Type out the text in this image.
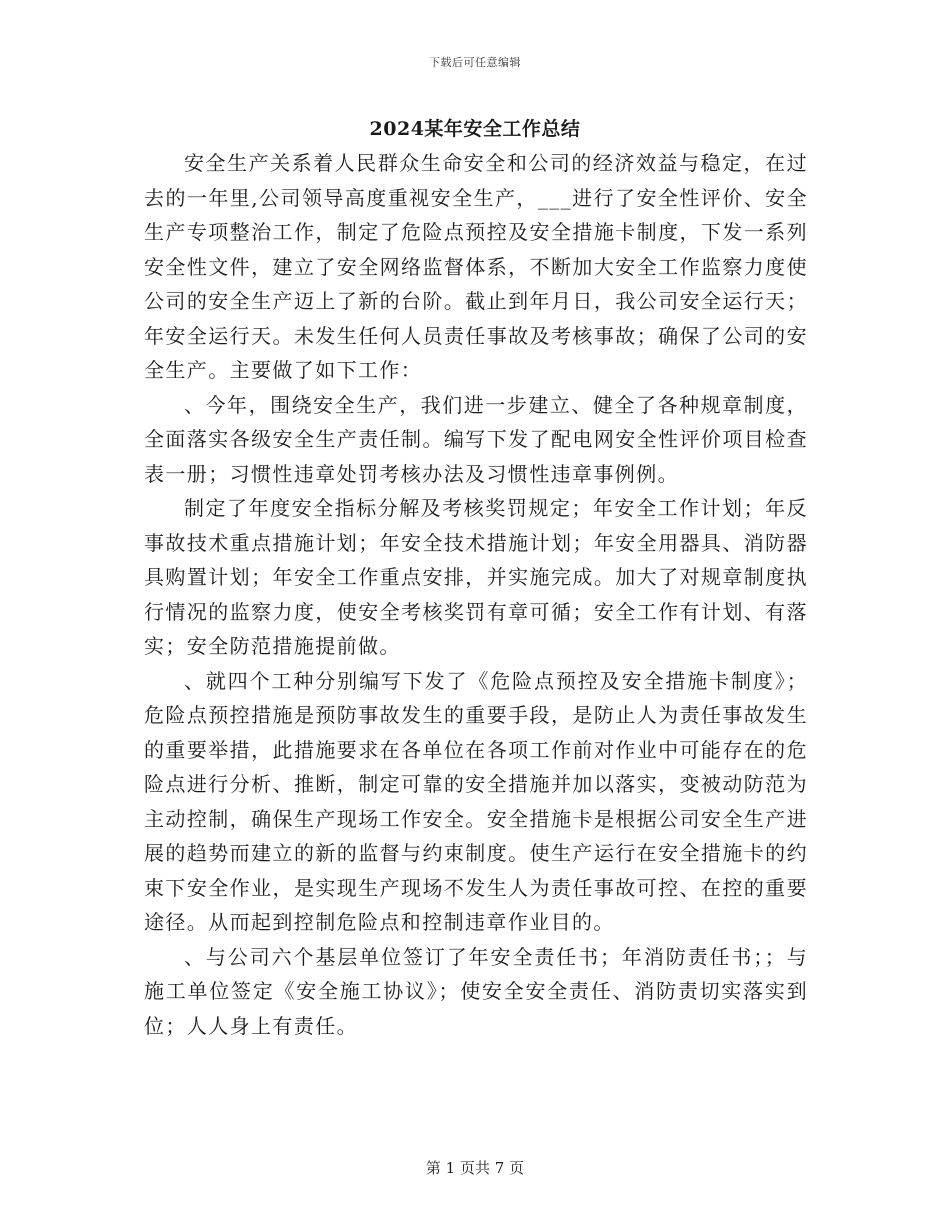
下载后可任意编辑
2024某年安全工作总结

安全生产关系着人民群众生命安全和公司的经济效益与稳定，在过去的一年里,公司领导高度重视安全生产，___进行了安全性评价、安全生产专项整治工作，制定了危险点预控及安全措施卡制度，下发一系列安全性文件，建立了安全网络监督体系，不断加大安全工作监察力度使公司的安全生产迈上了新的台阶。截止到年月日，我公司安全运行天；年安全运行天。未发生任何人员责任事故及考核事故；确保了公司的安全生产。主要做了如下工作：

、今年，围绕安全生产，我们进一步建立、健全了各种规章制度，全面落实各级安全生产责任制。编写下发了配电网安全性评价项目检查表一册；习惯性违章处罚考核办法及习惯性违章事例例。

制定了年度安全指标分解及考核奖罚规定；年安全工作计划；年反事故技术重点措施计划；年安全技术措施计划；年安全用器具、消防器具购置计划；年安全工作重点安排，并实施完成。加大了对规章制度执行情况的监察力度，使安全考核奖罚有章可循；安全工作有计划、有落实；安全防范措施提前做。

、就四个工种分别编写下发了《危险点预控及安全措施卡制度》；危险点预控措施是预防事故发生的重要手段，是防止人为责任事故发生的重要举措，此措施要求在各单位在各项工作前对作业中可能存在的危险点进行分析、推断，制定可靠的安全措施并加以落实，变被动防范为主动控制，确保生产现场工作安全。安全措施卡是根据公司安全生产进展的趋势而建立的新的监督与约束制度。使生产运行在安全措施卡的约束下安全作业，是实现生产现场不发生人为责任事故可控、在控的重要途径。从而起到控制危险点和控制违章作业目的。

、与公司六个基层单位签订了年安全责任书；年消防责任书；；与施工单位签定《安全施工协议》；使安全安全责任、消防责切实落实到位；人人身上有责任。

第 1 页共 7 页
